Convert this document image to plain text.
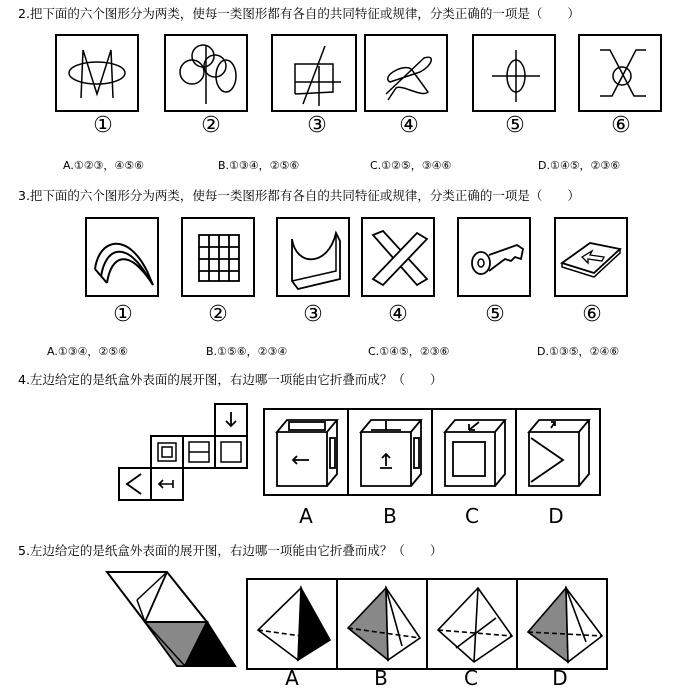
2.把下面的六个图形分为两类，使每一类图形都有各自的共同特征或规律，分类正确的一项是（　　）
①	②	③	④	⑤	⑥
A.①②③，④⑤⑥	B.①③④，②⑤⑥	C.①②⑤，③④⑥	D.①④⑤，②③⑥
3.把下面的六个图形分为两类，使每一类图形都有各自的共同特征或规律，分类正确的一项是（　　）
①	②	③	④	⑤	⑥
A.①③④，②⑤⑥	B.①⑤⑥，②③④	C.①④⑤，②③⑥	D.①③⑤，②④⑥
4.左边给定的是纸盒外表面的展开图，右边哪一项能由它折叠而成？（　　）
A	B	C	D
5.左边给定的是纸盒外表面的展开图，右边哪一项能由它折叠而成？（　　）
A	B	C	D
